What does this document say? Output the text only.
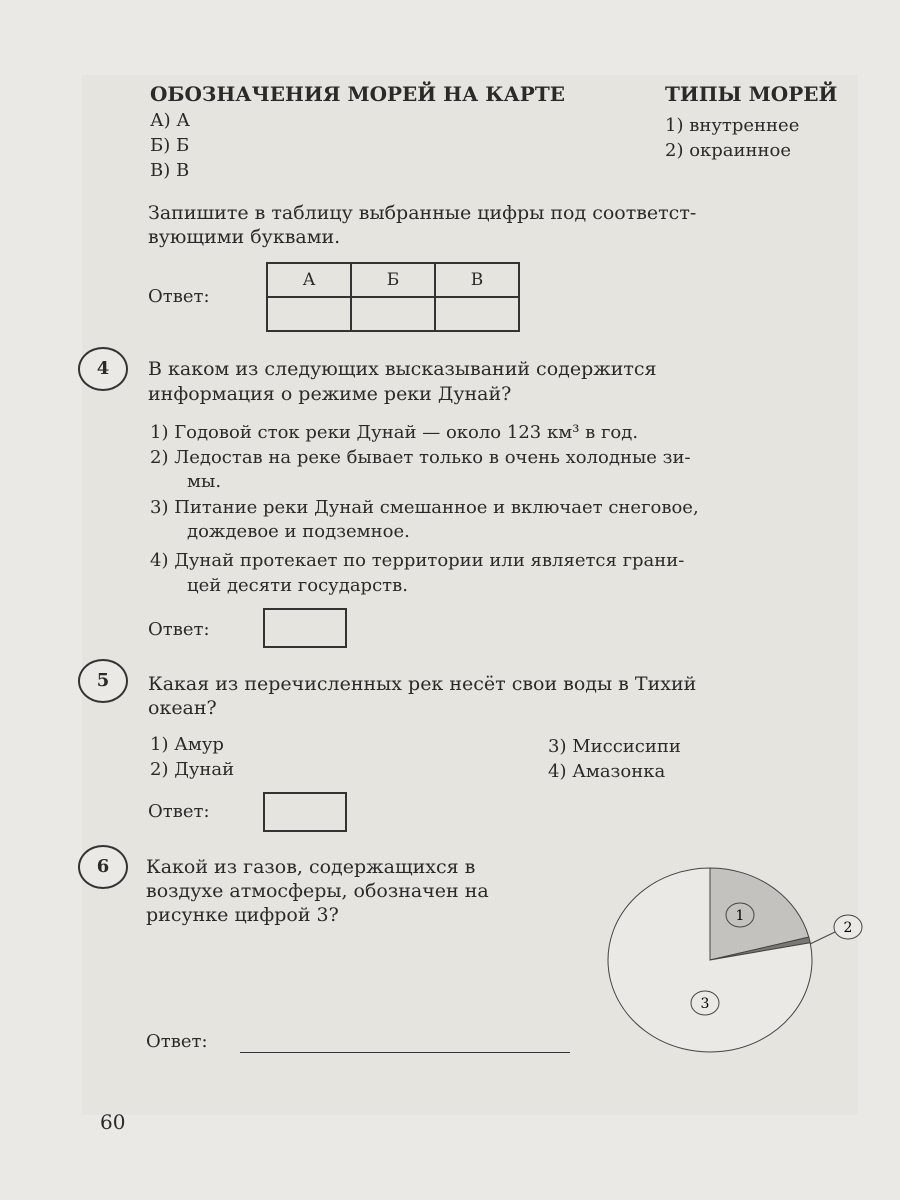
ОБОЗНАЧЕНИЯ МОРЕЙ НА КАРТЕ	ТИПЫ МОРЕЙ
А) А
Б) Б
В) В
1) внутреннее
2) окраинное
Запишите в таблицу выбранные цифры под соответст-
вующими буквами.
Ответ:
А	Б	В

4	В каком из следующих высказываний содержится
информация о режиме реки Дунай?
1) Годовой сток реки Дунай — около 123 км³ в год.
2) Ледостав на реке бывает только в очень холодные зи-
мы.
3) Питание реки Дунай смешанное и включает снеговое,
дождевое и подземное.
4) Дунай протекает по территории или является грани-
цей десяти государств.
Ответ:
5	Какая из перечисленных рек несёт свои воды в Тихий
океан?
1) Амур
2) Дунай
3) Миссисипи
4) Амазонка
Ответ:
6	Какой из газов, содержащихся в
воздухе атмосферы, обозначен на
рисунке цифрой 3?
Ответ:
1
2
3
60
